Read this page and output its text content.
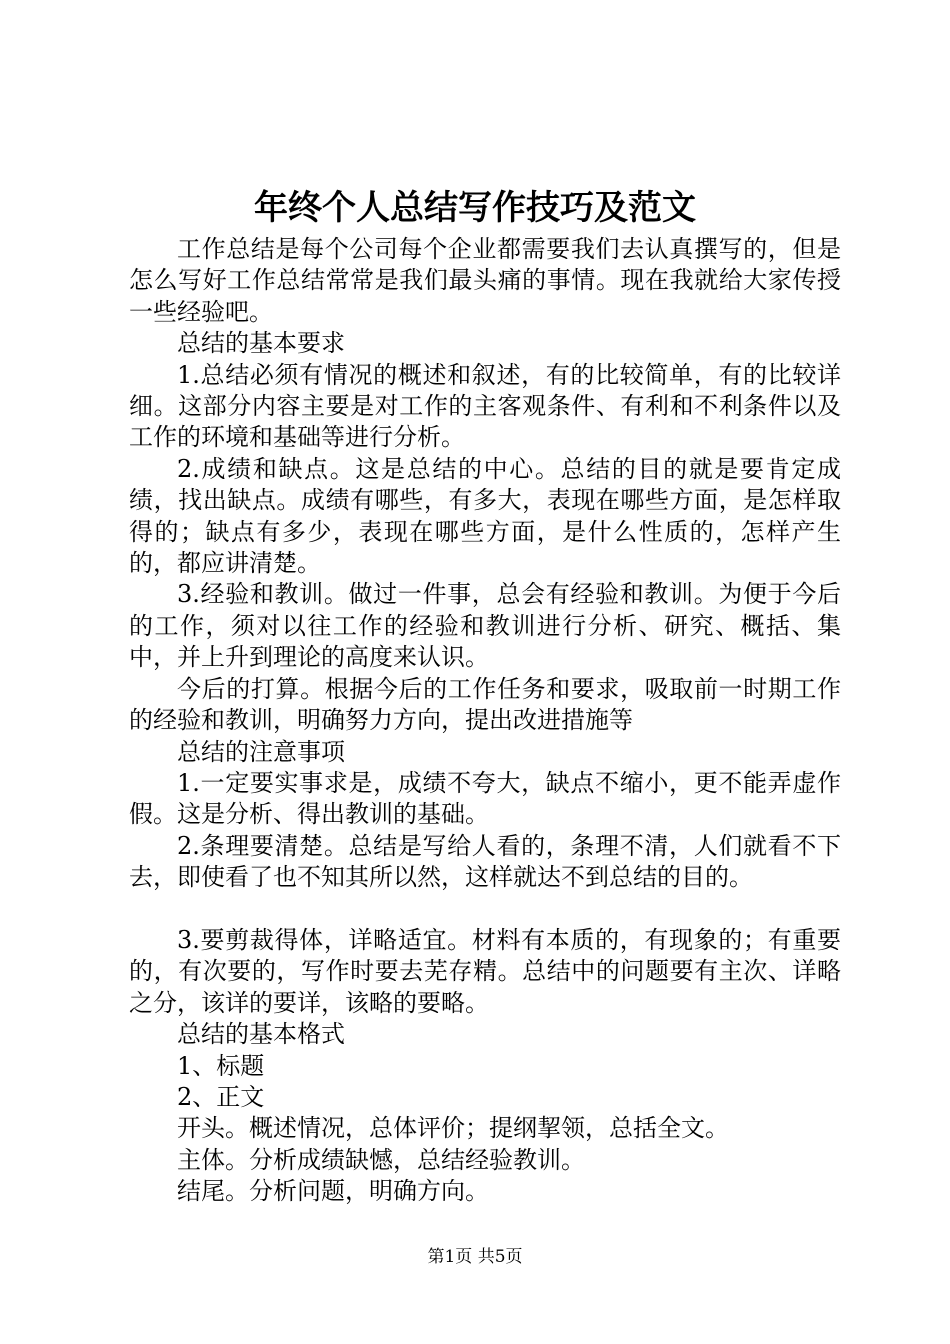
年终个人总结写作技巧及范文

工作总结是每个公司每个企业都需要我们去认真撰写的，但是怎么写好工作总结常常是我们最头痛的事情。现在我就给大家传授一些经验吧。

总结的基本要求

1.总结必须有情况的概述和叙述，有的比较简单，有的比较详细。这部分内容主要是对工作的主客观条件、有利和不利条件以及工作的环境和基础等进行分析。

2.成绩和缺点。这是总结的中心。总结的目的就是要肯定成绩，找出缺点。成绩有哪些，有多大，表现在哪些方面，是怎样取得的；缺点有多少，表现在哪些方面，是什么性质的，怎样产生的，都应讲清楚。

3.经验和教训。做过一件事，总会有经验和教训。为便于今后的工作，须对以往工作的经验和教训进行分析、研究、概括、集中，并上升到理论的高度来认识。

今后的打算。根据今后的工作任务和要求，吸取前一时期工作的经验和教训，明确努力方向，提出改进措施等

总结的注意事项

1.一定要实事求是，成绩不夸大，缺点不缩小，更不能弄虚作假。这是分析、得出教训的基础。

2.条理要清楚。总结是写给人看的，条理不清，人们就看不下去，即使看了也不知其所以然，这样就达不到总结的目的。

3.要剪裁得体，详略适宜。材料有本质的，有现象的；有重要的，有次要的，写作时要去芜存精。总结中的问题要有主次、详略之分，该详的要详，该略的要略。

总结的基本格式

1、标题

2、正文

开头。概述情况，总体评价；提纲挈领，总括全文。

主体。分析成绩缺憾，总结经验教训。

结尾。分析问题，明确方向。

第1页 共5页
